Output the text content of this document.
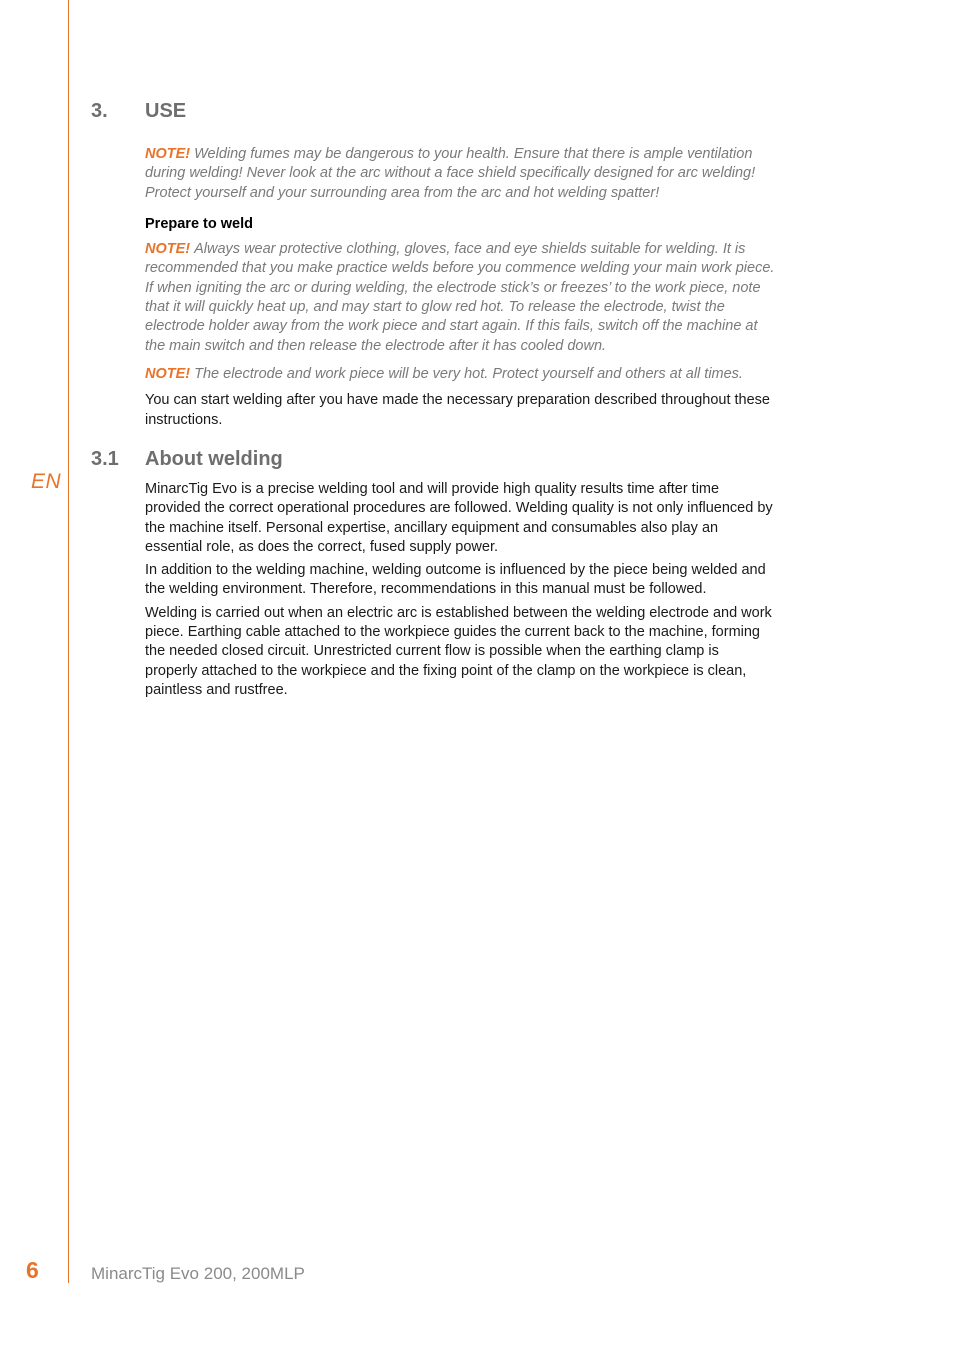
EN
3. USE

NOTE! Welding fumes may be dangerous to your health. Ensure that there is ample ventilation during welding! Never look at the arc without a face shield specifically designed for arc welding! Protect yourself and your surrounding area from the arc and hot welding spatter!

Prepare to weld

NOTE! Always wear protective clothing, gloves, face and eye shields suitable for welding. It is recommended that you make practice welds before you commence welding your main work piece. If when igniting the arc or during welding, the electrode stick’s or freezes’ to the work piece, note that it will quickly heat up, and may start to glow red hot. To release the electrode, twist the electrode holder away from the work piece and start again. If this fails, switch off the machine at the main switch and then release the electrode after it has cooled down.

NOTE! The electrode and work piece will be very hot. Protect yourself and others at all times.

You can start welding after you have made the necessary preparation described throughout these instructions.

3.1 About welding

MinarcTig Evo is a precise welding tool and will provide high quality results time after time provided the correct operational procedures are followed. Welding quality is not only influenced by the machine itself. Personal expertise, ancillary equipment and consumables also play an essential role, as does the correct, fused supply power.

In addition to the welding machine, welding outcome is influenced by the piece being welded and the welding environment. Therefore, recommendations in this manual must be followed.

Welding is carried out when an electric arc is established between the welding electrode and work piece. Earthing cable attached to the workpiece guides the current back to the machine, forming the needed closed circuit. Unrestricted current flow is possible when the earthing clamp is properly attached to the workpiece and the fixing point of the clamp on the workpiece is clean, paintless and rustfree.

6	MinarcTig Evo 200, 200MLP
